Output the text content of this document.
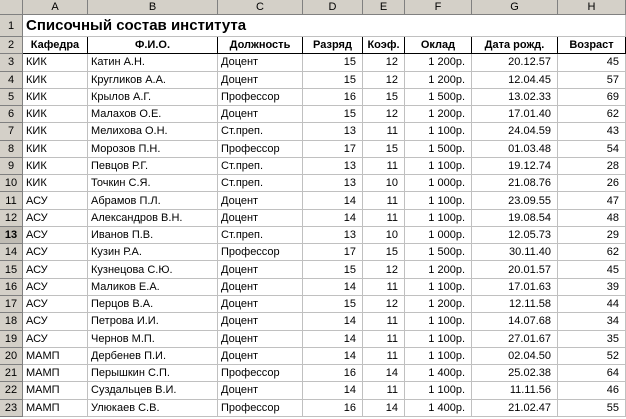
A	B	C	D	E	F	G	H
1 Списочный состав института
2	Кафедра	Ф.И.О.	Должность	Разряд	Коэф.	Оклад	Дата рожд.	Возраст
3	КИК	Катин А.Н.	Доцент	15	12	1 200р.	20.12.57	45
4	КИК	Кругликов А.А.	Доцент	15	12	1 200р.	12.04.45	57
5	КИК	Крылов А.Г.	Профессор	16	15	1 500р.	13.02.33	69
6	КИК	Малахов О.Е.	Доцент	15	12	1 200р.	17.01.40	62
7	КИК	Мелихова О.Н.	Ст.преп.	13	11	1 100р.	24.04.59	43
8	КИК	Морозов П.Н.	Профессор	17	15	1 500р.	01.03.48	54
9	КИК	Певцов Р.Г.	Ст.преп.	13	11	1 100р.	19.12.74	28
10 КИК	Точкин С.Я.	Ст.преп.	13	10	1 000р.	21.08.76	26
11 АСУ	Абрамов П.Л.	Доцент	14	11	1 100р.	23.09.55	47
12 АСУ	Александров В.Н.	Доцент	14	11	1 100р.	19.08.54	48
13 АСУ	Иванов П.В.	Ст.преп.	13	10	1 000р.	12.05.73	29
14 АСУ	Кузин Р.А.	Профессор	17	15	1 500р.	30.11.40	62
15 АСУ	Кузнецова С.Ю.	Доцент	15	12	1 200р.	20.01.57	45
16 АСУ	Маликов Е.А.	Доцент	14	11	1 100р.	17.01.63	39
17 АСУ	Перцов В.А.	Доцент	15	12	1 200р.	12.11.58	44
18 АСУ	Петрова И.И.	Доцент	14	11	1 100р.	14.07.68	34
19 АСУ	Чернов М.П.	Доцент	14	11	1 100р.	27.01.67	35
20 МАМП	Дербенев П.И.	Доцент	14	11	1 100р.	02.04.50	52
21 МАМП	Перышкин С.П.	Профессор	16	14	1 400р.	25.02.38	64
22 МАМП	Суздальцев В.И.	Доцент	14	11	1 100р.	11.11.56	46
23 МАМП	Улюкаев С.В.	Профессор	16	14	1 400р.	21.02.47	55
